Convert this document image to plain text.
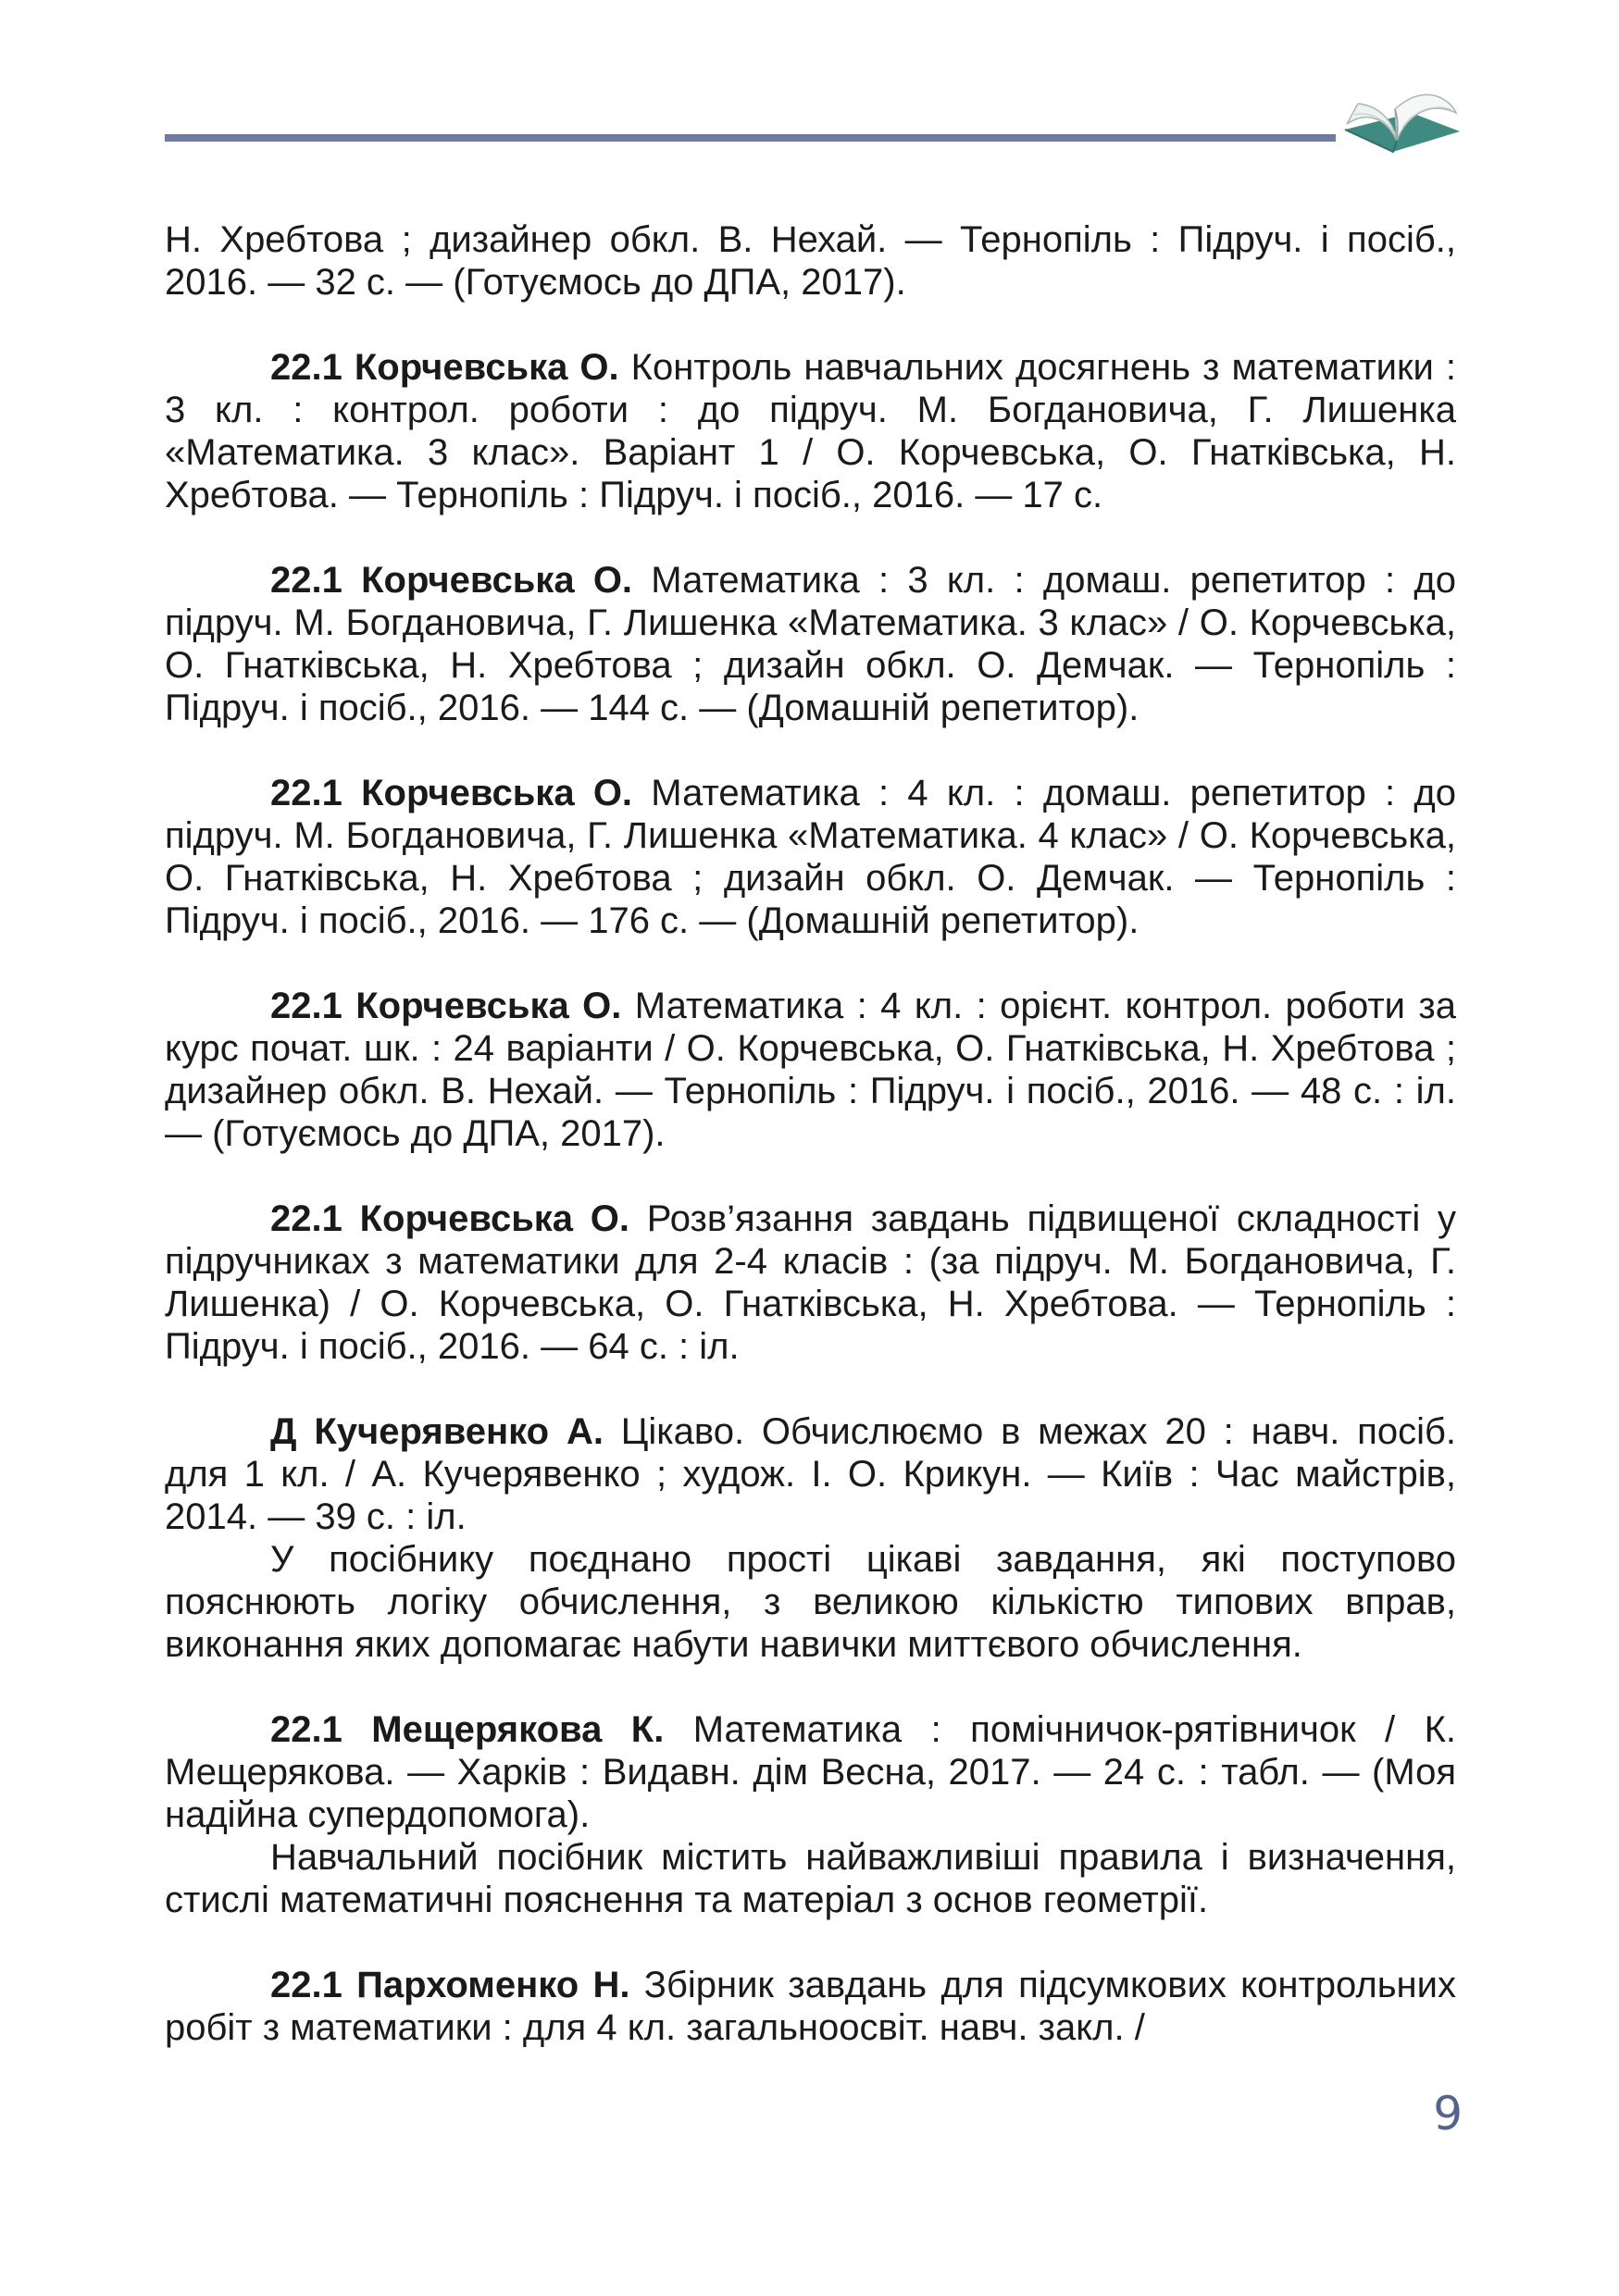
Н. Хребтова ; дизайнер обкл. В. Нехай. — Тернопіль : Підруч. і посіб., 2016. — 32 с. — (Готуємось до ДПА, 2017).

22.1 Корчевська О. Контроль навчальних досягнень з математики : 3 кл. : контрол. роботи : до підруч. М. Богдановича, Г. Лишенка «Математика. 3 клас». Варіант 1 / О. Корчевська, О. Гнатківська, Н. Хребтова. — Тернопіль : Підруч. і посіб., 2016. — 17 с.

22.1 Корчевська О. Математика : 3 кл. : домаш. репетитор : до підруч. М. Богдановича, Г. Лишенка «Математика. 3 клас» / О. Корчевська, О. Гнатківська, Н. Хребтова ; дизайн обкл. О. Демчак. — Тернопіль : Підруч. і посіб., 2016. — 144 с. — (Домашній репетитор).

22.1 Корчевська О. Математика : 4 кл. : домаш. репетитор : до підруч. М. Богдановича, Г. Лишенка «Математика. 4 клас» / О. Корчевська, О. Гнатківська, Н. Хребтова ; дизайн обкл. О. Демчак. — Тернопіль : Підруч. і посіб., 2016. — 176 с. — (Домашній репетитор).

22.1 Корчевська О. Математика : 4 кл. : орієнт. контрол. роботи за курс почат. шк. : 24 варіанти / О. Корчевська, О. Гнатківська, Н. Хребтова ; дизайнер обкл. В. Нехай. — Тернопіль : Підруч. і посіб., 2016. — 48 с. : іл. — (Готуємось до ДПА, 2017).

22.1 Корчевська О. Розв’язання завдань підвищеної складності у підручниках з математики для 2-4 класів : (за підруч. М. Богдановича, Г. Лишенка) / О. Корчевська, О. Гнатківська, Н. Хребтова. — Тернопіль : Підруч. і посіб., 2016. — 64 с. : іл.

Д Кучерявенко А. Цікаво. Обчислюємо в межах 20 : навч. посіб. для 1 кл. / А. Кучерявенко ; худож. І. О. Крикун. — Київ : Час майстрів, 2014. — 39 с. : іл.

У посібнику поєднано прості цікаві завдання, які поступово пояснюють логіку обчислення, з великою кількістю типових вправ, виконання яких допомагає набути навички миттєвого обчислення.

22.1 Мещерякова К. Математика : помічничок-рятівничок / К. Мещерякова. — Харків : Видавн. дім Весна, 2017. — 24 с. : табл. — (Моя надійна супердопомога).

Навчальний посібник містить найважливіші правила і визначення, стислі математичні пояснення та матеріал з основ геометрії.

22.1 Пархоменко Н. Збірник завдань для підсумкових контрольних робіт з математики : для 4 кл. загальноосвіт. навч. закл. /

9
